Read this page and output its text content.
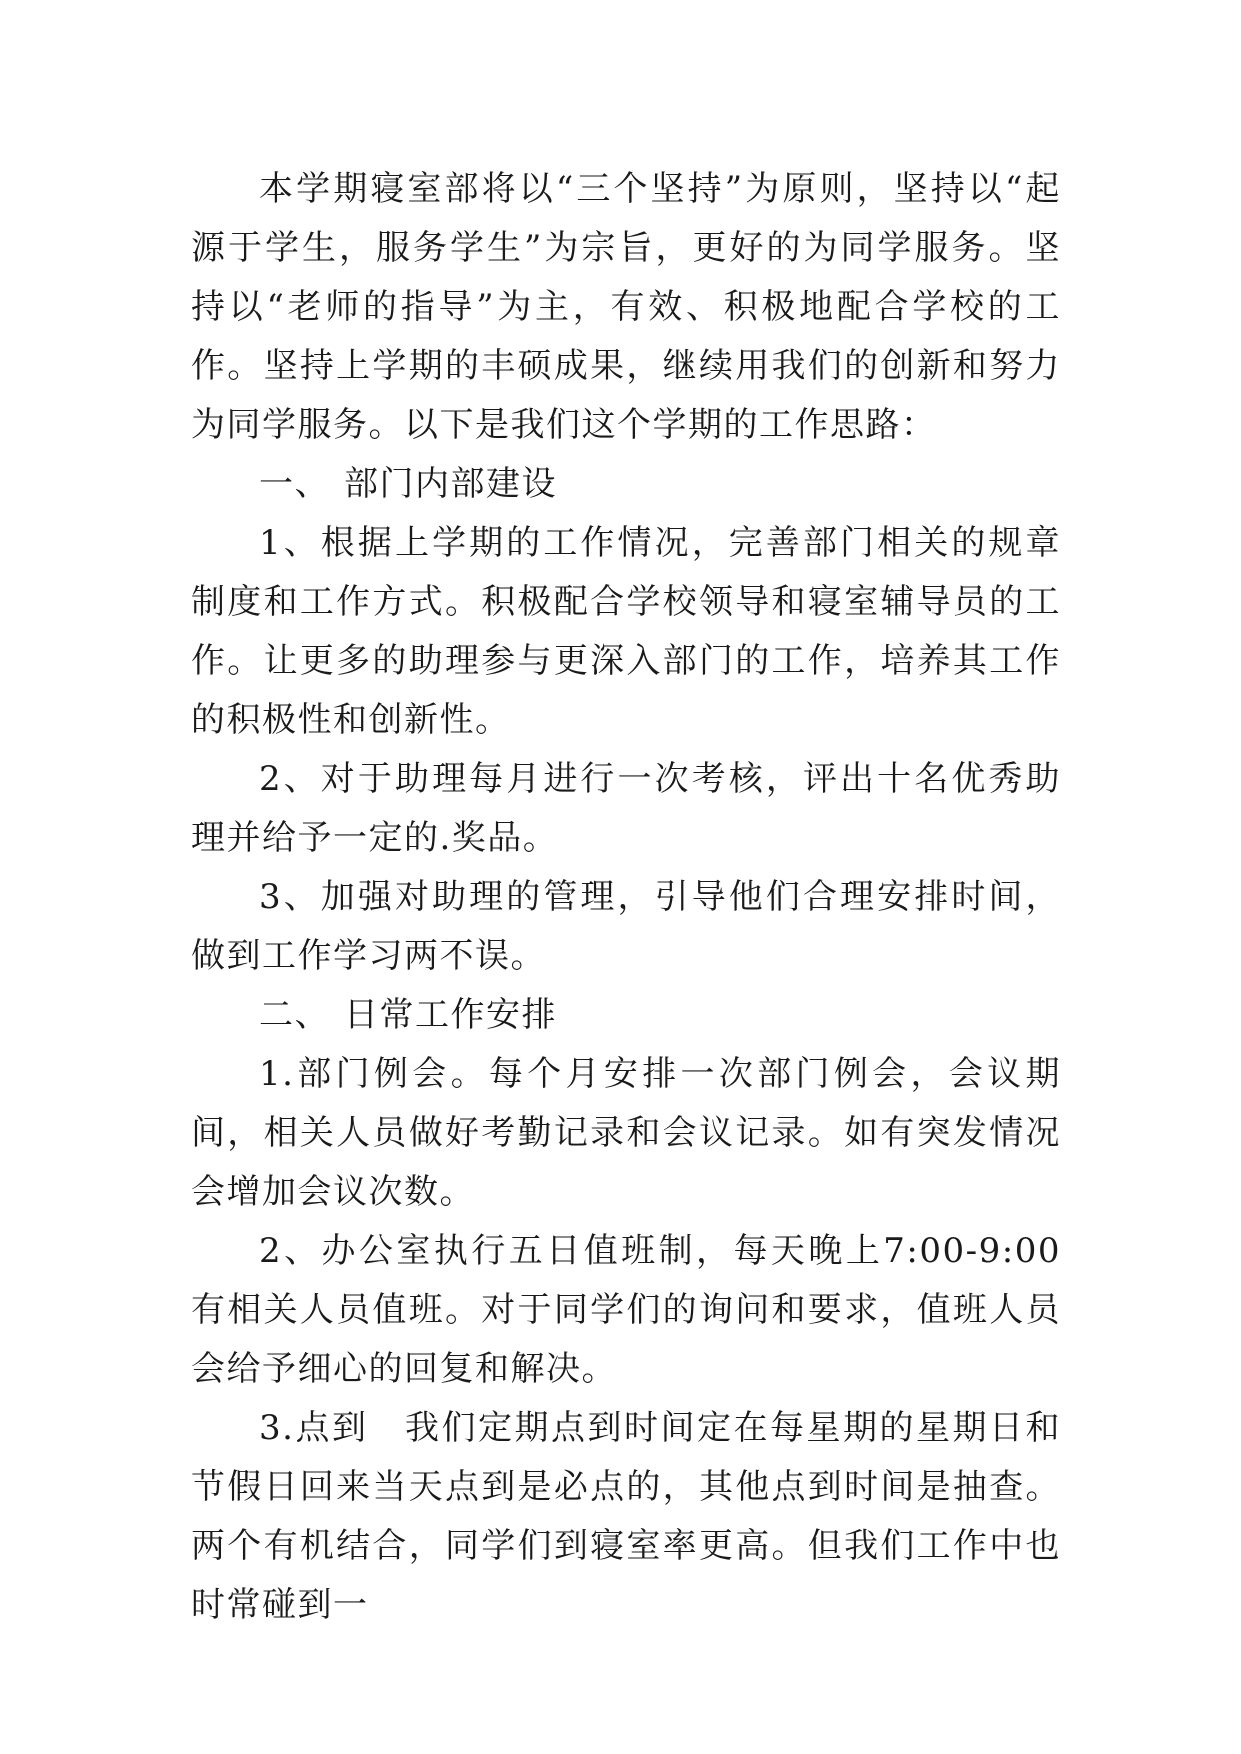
本学期寝室部将以“三个坚持”为原则，坚持以“起源于学生，服务学生”为宗旨，更好的为同学服务。坚持以“老师的指导”为主，有效、积极地配合学校的工作。坚持上学期的丰硕成果，继续用我们的创新和努力为同学服务。以下是我们这个学期的工作思路：

一、 部门内部建设

1、根据上学期的工作情况，完善部门相关的规章制度和工作方式。积极配合学校领导和寝室辅导员的工作。让更多的助理参与更深入部门的工作，培养其工作的积极性和创新性。

2、对于助理每月进行一次考核，评出十名优秀助理并给予一定的.奖品。

3、加强对助理的管理，引导他们合理安排时间，做到工作学习两不误。

二、 日常工作安排

1.部门例会。每个月安排一次部门例会，会议期间，相关人员做好考勤记录和会议记录。如有突发情况会增加会议次数。

2、办公室执行五日值班制，每天晚上7:00-9:00有相关人员值班。对于同学们的询问和要求，值班人员会给予细心的回复和解决。

3.点到　我们定期点到时间定在每星期的星期日和节假日回来当天点到是必点的，其他点到时间是抽查。两个有机结合，同学们到寝室率更高。但我们工作中也时常碰到一
